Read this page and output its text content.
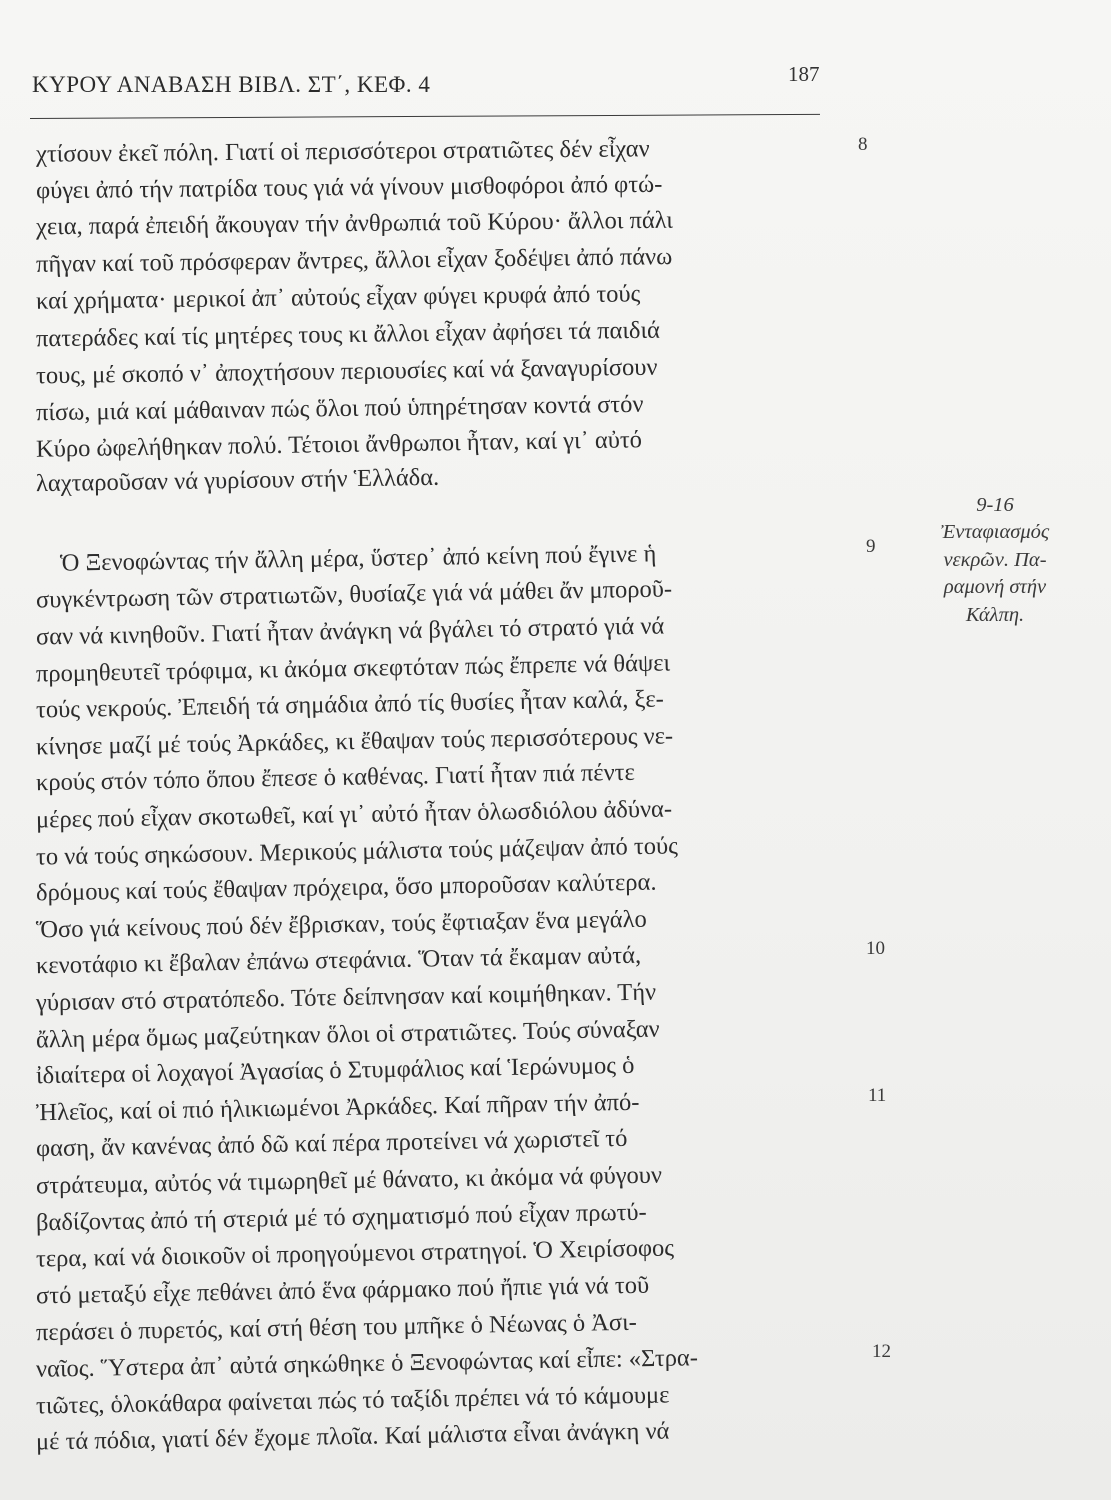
ΚΥΡΟΥ ΑΝΑΒΑΣΗ ΒΙΒΛ. ΣΤ΄, ΚΕΦ. 4	187
χτίσουν ἐκεῖ πόλη. Γιατί οἱ περισσότεροι στρατιῶτες δέν εἶχαν
φύγει ἀπό τήν πατρίδα τους γιά νά γίνουν μισθοφόροι ἀπό φτώ-
χεια, παρά ἐπειδή ἄκουγαν τήν ἀνθρωπιά τοῦ Κύρου· ἄλλοι πάλι
πῆγαν καί τοῦ πρόσφεραν ἄντρες, ἄλλοι εἶχαν ξοδέψει ἀπό πάνω
καί χρήματα· μερικοί ἀπ᾿ αὐτούς εἶχαν φύγει κρυφά ἀπό τούς
πατεράδες καί τίς μητέρες τους κι ἄλλοι εἶχαν ἀφήσει τά παιδιά
τους, μέ σκοπό ν᾿ ἀποχτήσουν περιουσίες καί νά ξαναγυρίσουν
πίσω, μιά καί μάθαιναν πώς ὅλοι πού ὑπηρέτησαν κοντά στόν
Κύρο ὠφελήθηκαν πολύ. Τέτοιοι ἄνθρωποι ἦταν, καί γι᾿ αὐτό
λαχταροῦσαν νά γυρίσουν στήν Ἑλλάδα.
Ὁ Ξενοφώντας τήν ἄλλη μέρα, ὕστερ᾿ ἀπό κείνη πού ἔγινε ἡ
συγκέντρωση τῶν στρατιωτῶν, θυσίαζε γιά νά μάθει ἄν μποροῦ-
σαν νά κινηθοῦν. Γιατί ἦταν ἀνάγκη νά βγάλει τό στρατό γιά νά
προμηθευτεῖ τρόφιμα, κι ἀκόμα σκεφτόταν πώς ἔπρεπε νά θάψει
τούς νεκρούς. Ἐπειδή τά σημάδια ἀπό τίς θυσίες ἦταν καλά, ξε-
κίνησε μαζί μέ τούς Ἀρκάδες, κι ἔθαψαν τούς περισσότερους νε-
κρούς στόν τόπο ὅπου ἔπεσε ὁ καθένας. Γιατί ἦταν πιά πέντε
μέρες πού εἶχαν σκοτωθεῖ, καί γι᾿ αὐτό ἦταν ὁλωσδιόλου ἀδύνα-
το νά τούς σηκώσουν. Μερικούς μάλιστα τούς μάζεψαν ἀπό τούς
δρόμους καί τούς ἔθαψαν πρόχειρα, ὅσο μποροῦσαν καλύτερα.
Ὅσο γιά κείνους πού δέν ἔβρισκαν, τούς ἔφτιαξαν ἕνα μεγάλο
κενοτάφιο κι ἔβαλαν ἐπάνω στεφάνια. Ὅταν τά ἔκαμαν αὐτά,
γύρισαν στό στρατόπεδο. Τότε δείπνησαν καί κοιμήθηκαν. Τήν
ἄλλη μέρα ὅμως μαζεύτηκαν ὅλοι οἱ στρατιῶτες. Τούς σύναξαν
ἰδιαίτερα οἱ λοχαγοί Ἀγασίας ὁ Στυμφάλιος καί Ἱερώνυμος ὁ
Ἠλεῖος, καί οἱ πιό ἡλικιωμένοι Ἀρκάδες. Καί πῆραν τήν ἀπό-
φαση, ἄν κανένας ἀπό δῶ καί πέρα προτείνει νά χωριστεῖ τό
στράτευμα, αὐτός νά τιμωρηθεῖ μέ θάνατο, κι ἀκόμα νά φύγουν
βαδίζοντας ἀπό τή στεριά μέ τό σχηματισμό πού εἶχαν πρωτύ-
τερα, καί νά διοικοῦν οἱ προηγούμενοι στρατηγοί. Ὁ Χειρίσοφος
στό μεταξύ εἶχε πεθάνει ἀπό ἕνα φάρμακο πού ἤπιε γιά νά τοῦ
περάσει ὁ πυρετός, καί στή θέση του μπῆκε ὁ Νέωνας ὁ Ἀσι-
ναῖος. Ὕστερα ἀπ᾿ αὐτά σηκώθηκε ὁ Ξενοφώντας καί εἶπε: «Στρα-
τιῶτες, ὁλοκάθαρα φαίνεται πώς τό ταξίδι πρέπει νά τό κάμουμε
μέ τά πόδια, γιατί δέν ἔχομε πλοῖα. Καί μάλιστα εἶναι ἀνάγκη νά
8
9
10
11
12
9-16
Ἐνταφιασμός
νεκρῶν. Πα-
ραμονή στήν
Κάλπη.
